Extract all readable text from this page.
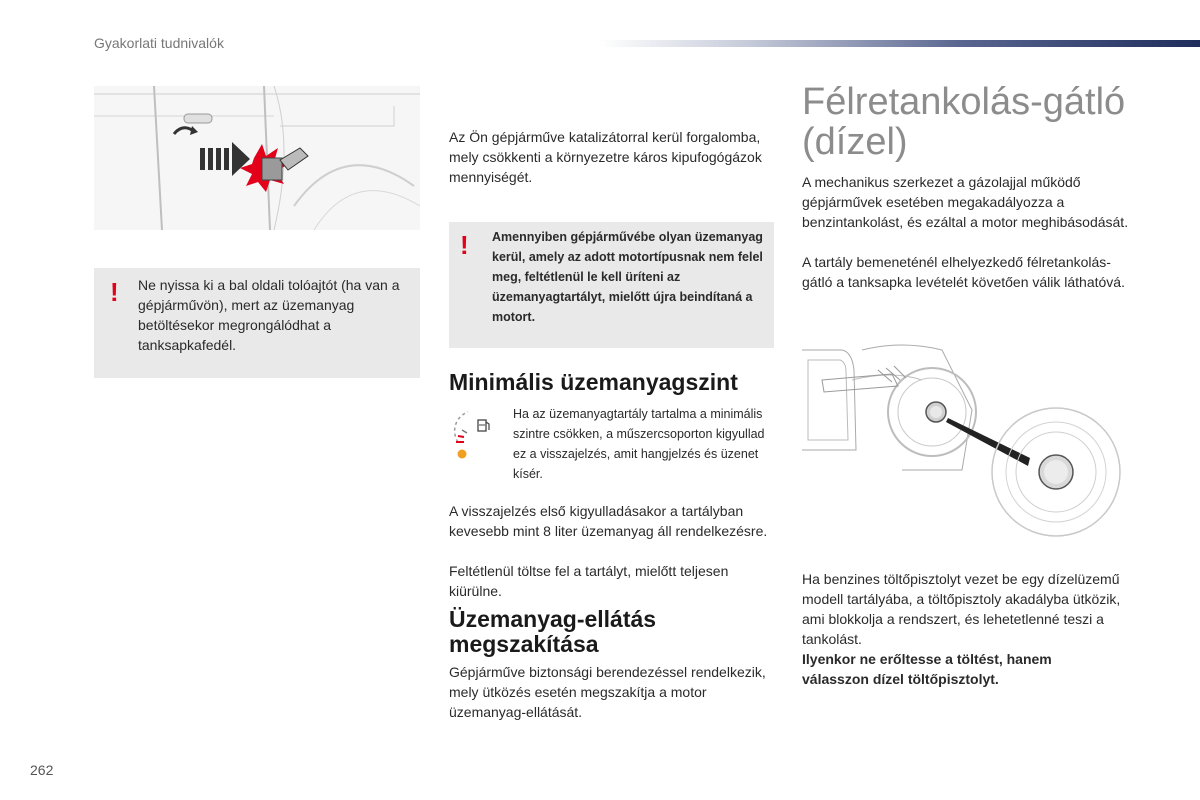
Gyakorlati tudnivalók
! Ne nyissa ki a bal oldali tolóajtót (ha van a gépjárművön), mert az üzemanyag betöltésekor megrongálódhat a tanksapkafedél.
Az Ön gépjárműve katalizátorral kerül forgalomba, mely csökkenti a környezetre káros kipufogógázok mennyiségét.
! Amennyiben gépjárművébe olyan üzemanyag kerül, amely az adott motortípusnak nem felel meg, feltétlenül le kell üríteni az üzemanyagtartályt, mielőtt újra beindítaná a motort.
Minimális üzemanyagszint
Ha az üzemanyagtartály tartalma a minimális szintre csökken, a műszercsoporton kigyullad ez a visszajelzés, amit hangjelzés és üzenet kísér.
A visszajelzés első kigyulladásakor a tartályban kevesebb mint 8 liter üzemanyag áll rendelkezésre.
Feltétlenül töltse fel a tartályt, mielőtt teljesen kiürülne.
Üzemanyag-ellátás megszakítása
Gépjárműve biztonsági berendezéssel rendelkezik, mely ütközés esetén megszakítja a motor üzemanyag-ellátását.
Félretankolás-gátló (dízel)
A mechanikus szerkezet a gázolajjal működő gépjárművek esetében megakadályozza a benzintankolást, és ezáltal a motor meghibásodását.
A tartály bemeneténél elhelyezkedő félretankolás-gátló a tanksapka levételét követően válik láthatóvá.
Ha benzines töltőpisztolyt vezet be egy dízelüzemű modell tartályába, a töltőpisztoly akadályba ütközik, ami blokkolja a rendszert, és lehetetlenné teszi a tankolást.
Ilyenkor ne erőltesse a töltést, hanem válasszon dízel töltőpisztolyt.
262
